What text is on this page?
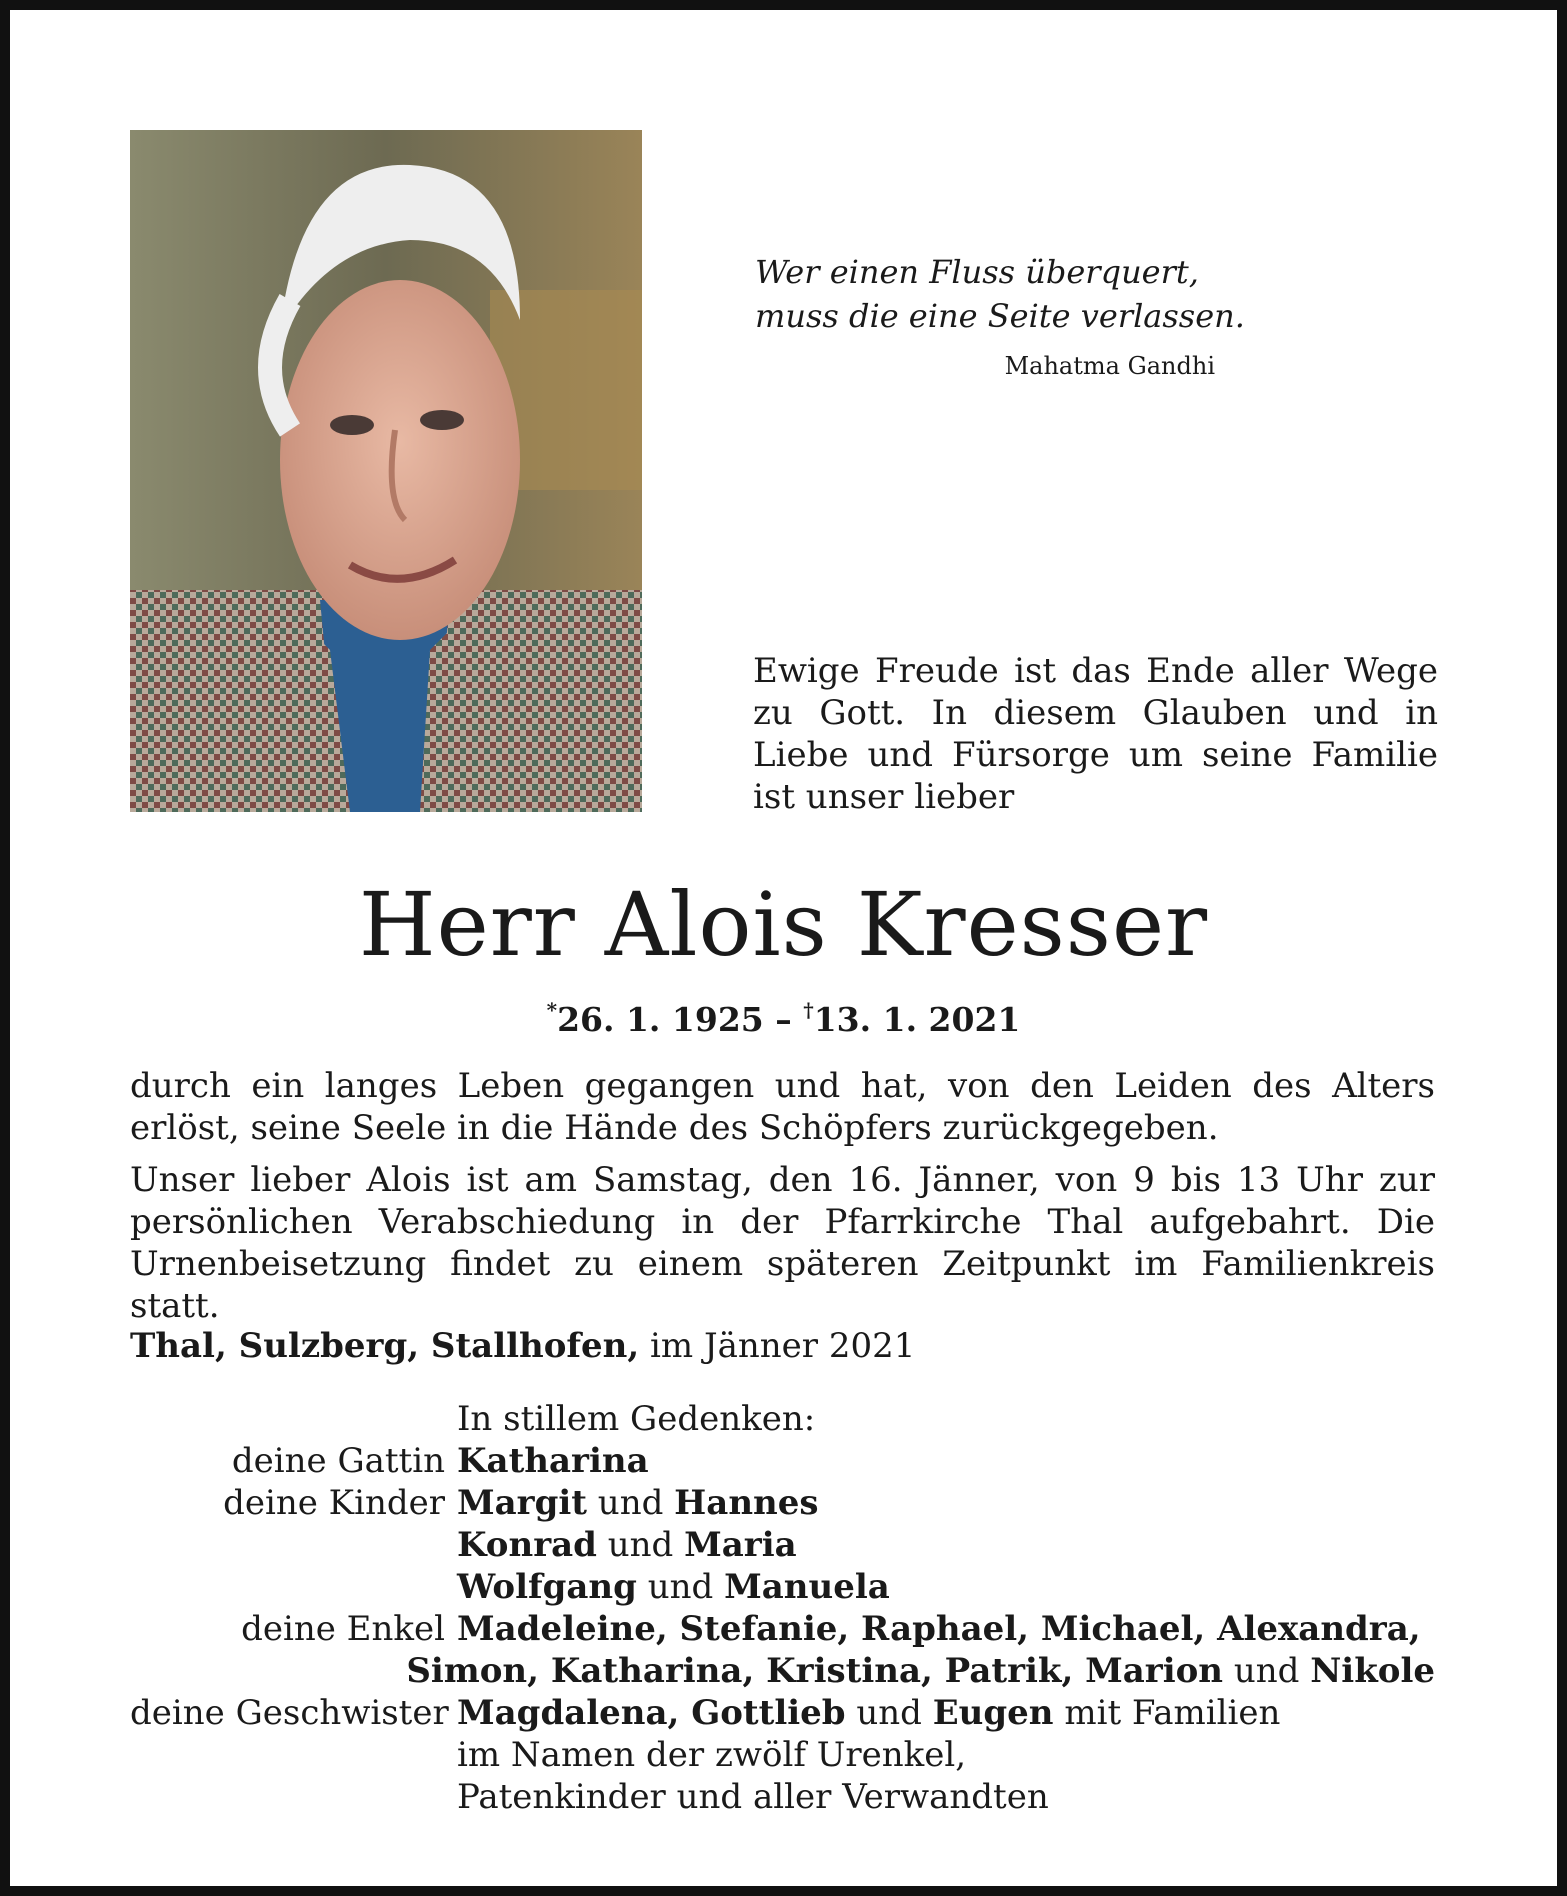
Wer einen Fluss überquert,
muss die eine Seite verlassen.
Mahatma Gandhi
Ewige Freude ist das Ende aller Wege zu Gott. In diesem Glauben und in Liebe und Fürsorge um seine Familie ist unser lieber
Herr Alois Kresser
*26. 1. 1925 – †13. 1. 2021

durch ein langes Leben gegangen und hat, von den Leiden des Alters erlöst, seine Seele in die Hände des Schöpfers zurückgegeben.

Unser lieber Alois ist am Samstag, den 16. Jänner, von 9 bis 13 Uhr zur persönlichen Verabschiedung in der Pfarrkirche Thal aufgebahrt. Die Urnenbeisetzung findet zu einem späteren Zeitpunkt im Familienkreis statt.

Thal, Sulzberg, Stallhofen, im Jänner 2021
In stillem Gedenken:
deine Gattin Katharina
deine Kinder Margit und Hannes
Konrad und Maria
Wolfgang und Manuela
deine Enkel Madeleine, Stefanie, Raphael, Michael, Alexandra,
Simon, Katharina, Kristina, Patrik, Marion und Nikole
deine Geschwister Magdalena, Gottlieb und Eugen mit Familien
im Namen der zwölf Urenkel,
Patenkinder und aller Verwandten
